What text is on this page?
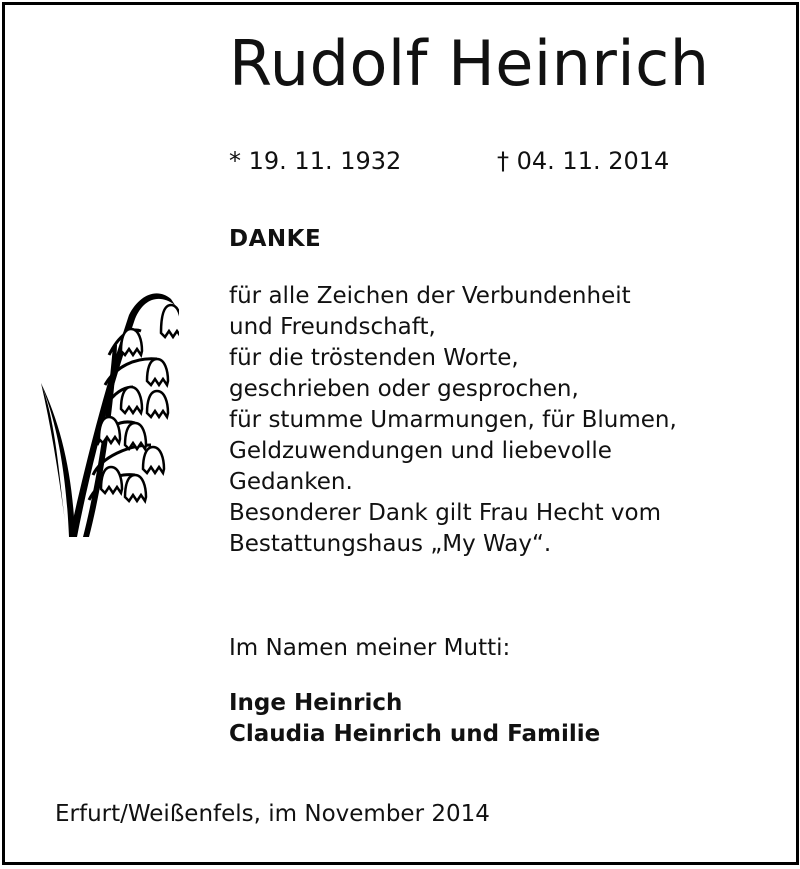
Rudolf Heinrich
* 19. 11. 1932	† 04. 11. 2014
DANKE
für alle Zeichen der Verbundenheit
und Freundschaft,
für die tröstenden Worte,
geschrieben oder gesprochen,
für stumme Umarmungen, für Blumen,
Geldzuwendungen und liebevolle
Gedanken.
Besonderer Dank gilt Frau Hecht vom
Bestattungshaus „My Way“.
Im Namen meiner Mutti:
Inge Heinrich
Claudia Heinrich und Familie
Erfurt/Weißenfels, im November 2014
